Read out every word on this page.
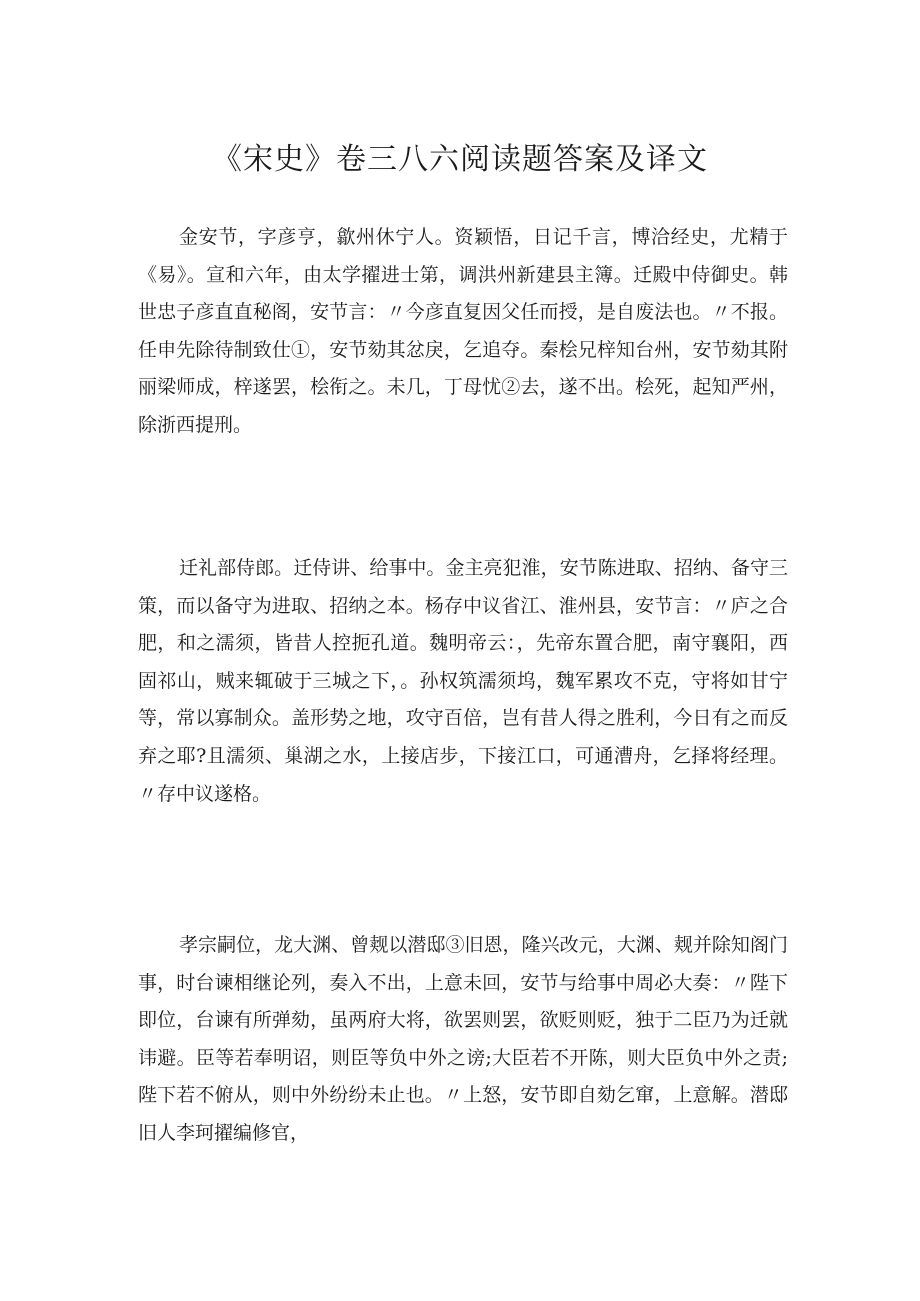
《宋史》卷三八六阅读题答案及译文

金安节，字彦亨，歙州休宁人。资颖悟，日记千言，博洽经史，尤精于《易》。宣和六年，由太学擢进士第，调洪州新建县主簿。迁殿中侍御史。韩世忠子彦直直秘阁，安节言：〃今彦直复因父任而授，是自废法也。〃不报。任申先除待制致仕①，安节劾其忿戾，乞追夺。秦桧兄梓知台州，安节劾其附丽梁师成，梓遂罢，桧衔之。未几，丁母忧②去，遂不出。桧死，起知严州，除浙西提刑。

迁礼部侍郎。迁侍讲、给事中。金主亮犯淮，安节陈进取、招纳、备守三策，而以备守为进取、招纳之本。杨存中议省江、淮州县，安节言：〃庐之合肥，和之濡须，皆昔人控扼孔道。魏明帝云：，先帝东置合肥，南守襄阳，西固祁山，贼来辄破于三城之下，。孙权筑濡须坞，魏军累攻不克，守将如甘宁等，常以寡制众。盖形势之地，攻守百倍，岂有昔人得之胜利，今日有之而反弃之耶?且濡须、巢湖之水，上接店步，下接江口，可通漕舟，乞择将经理。〃存中议遂格。

孝宗嗣位，龙大渊、曾觌以潜邸③旧恩，隆兴改元，大渊、觌并除知阁门事，时台谏相继论列，奏入不出，上意未回，安节与给事中周必大奏：〃陛下即位，台谏有所弹劾，虽两府大将，欲罢则罢，欲贬则贬，独于二臣乃为迁就讳避。臣等若奉明诏，则臣等负中外之谤;大臣若不开陈，则大臣负中外之责;陛下若不俯从，则中外纷纷未止也。〃上怒，安节即自劾乞窜，上意解。潜邸旧人李珂擢编修官，
